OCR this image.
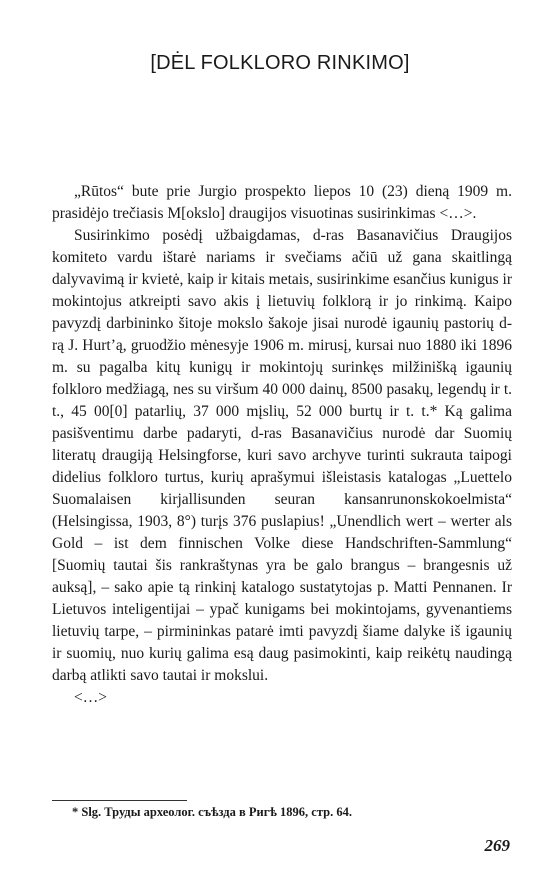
[DĖL FOLKLORO RINKIMO]

„Rūtos“ bute prie Jurgio prospekto liepos 10 (23) dieną 1909 m. prasidėjo trečiasis M[okslo] draugijos visuotinas susirinkimas <…>.

Susirinkimo posėdį užbaigdamas, d-ras Basanavičius Draugijos komiteto vardu ištarė nariams ir svečiams ačiū už gana skaitlingą dalyvavimą ir kvietė, kaip ir kitais metais, susirinkime esančius kunigus ir mokintojus atkreipti savo akis į lietuvių folklorą ir jo rinkimą. Kaipo pavyzdį darbininko šitoje mokslo šakoje jisai nurodė igaunių pastorių d-rą J. Hurt’ą, gruodžio mėnesyje 1906 m. mirusį, kursai nuo 1880 iki 1896 m. su pagalba kitų kunigų ir mokintojų surinkęs milžinišką igaunių folkloro medžiagą, nes su viršum 40 000 dainų, 8500 pasakų, legendų ir t. t., 45 00[0] patarlių, 37 000 mįslių, 52 000 burtų ir t. t.* Ką galima pasišventimu darbe padaryti, d-ras Basanavičius nurodė dar Suomių literatų draugiją Helsingforse, kuri savo archyve turinti sukrauta taipogi didelius folkloro turtus, kurių aprašymui išleistasis katalogas „Luettelo Suomalaisen kirjallisunden seuran kansanrunonskokoelmista“ (Helsingissa, 1903, 8°) turįs 376 puslapius! „Unendlich wert – werter als Gold – ist dem finnischen Volke diese Handschriften-Sammlung“ [Suomių tautai šis rankraštynas yra be galo brangus – brangesnis už auksą], – sako apie tą rinkinį katalogo sustatytojas p. Matti Pennanen. Ir Lietuvos inteligentijai – ypač kunigams bei mokintojams, gyvenantiems lietuvių tarpe, – pirmininkas patarė imti pavyzdį šiame dalyke iš igaunių ir suomių, nuo kurių galima esą daug pasimokinti, kaip reikėtų naudingą darbą atlikti savo tautai ir mokslui.

<…>

* Slg. Труды археолог. съѣзда в Ригѣ 1896, стр. 64.
269
